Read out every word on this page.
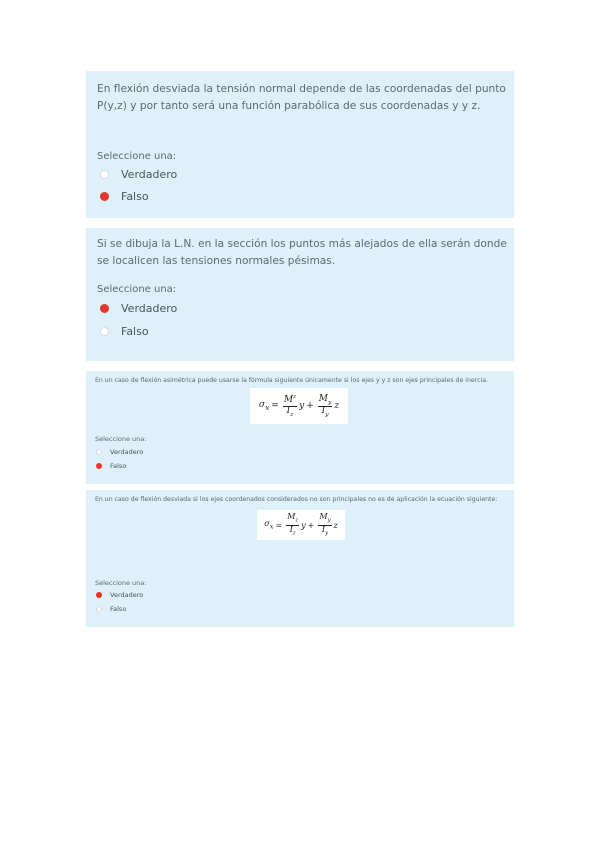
En flexión desviada la tensión normal depende de las coordenadas del punto P(y,z) y por tanto será una función parabólica de sus coordenadas y y z.

Seleccione una:
Verdadero
Falso

Si se dibuja la L.N. en la sección los puntos más alejados de ella serán donde se localicen las tensiones normales pésimas.

Seleccione una:
Verdadero
Falso

En un caso de flexión asimétrica puede usarse la fórmula siguiente únicamente si los ejes y y z son ejes principales de inercia.

$\sigma_x = \frac{M^z}{I_z}$ $y + \frac{M_y}{I_y}$ z
Seleccione una:
Verdadero
Falso

En un caso de flexión desviada si los ejes coordenados considerados no son principales no es de aplicación la ecuación siguiente:

$\sigma_x = \frac{M_z}{I_z}$ $y + \frac{M_y}{I_y}$ z
Seleccione una:
Verdadero
Falso
